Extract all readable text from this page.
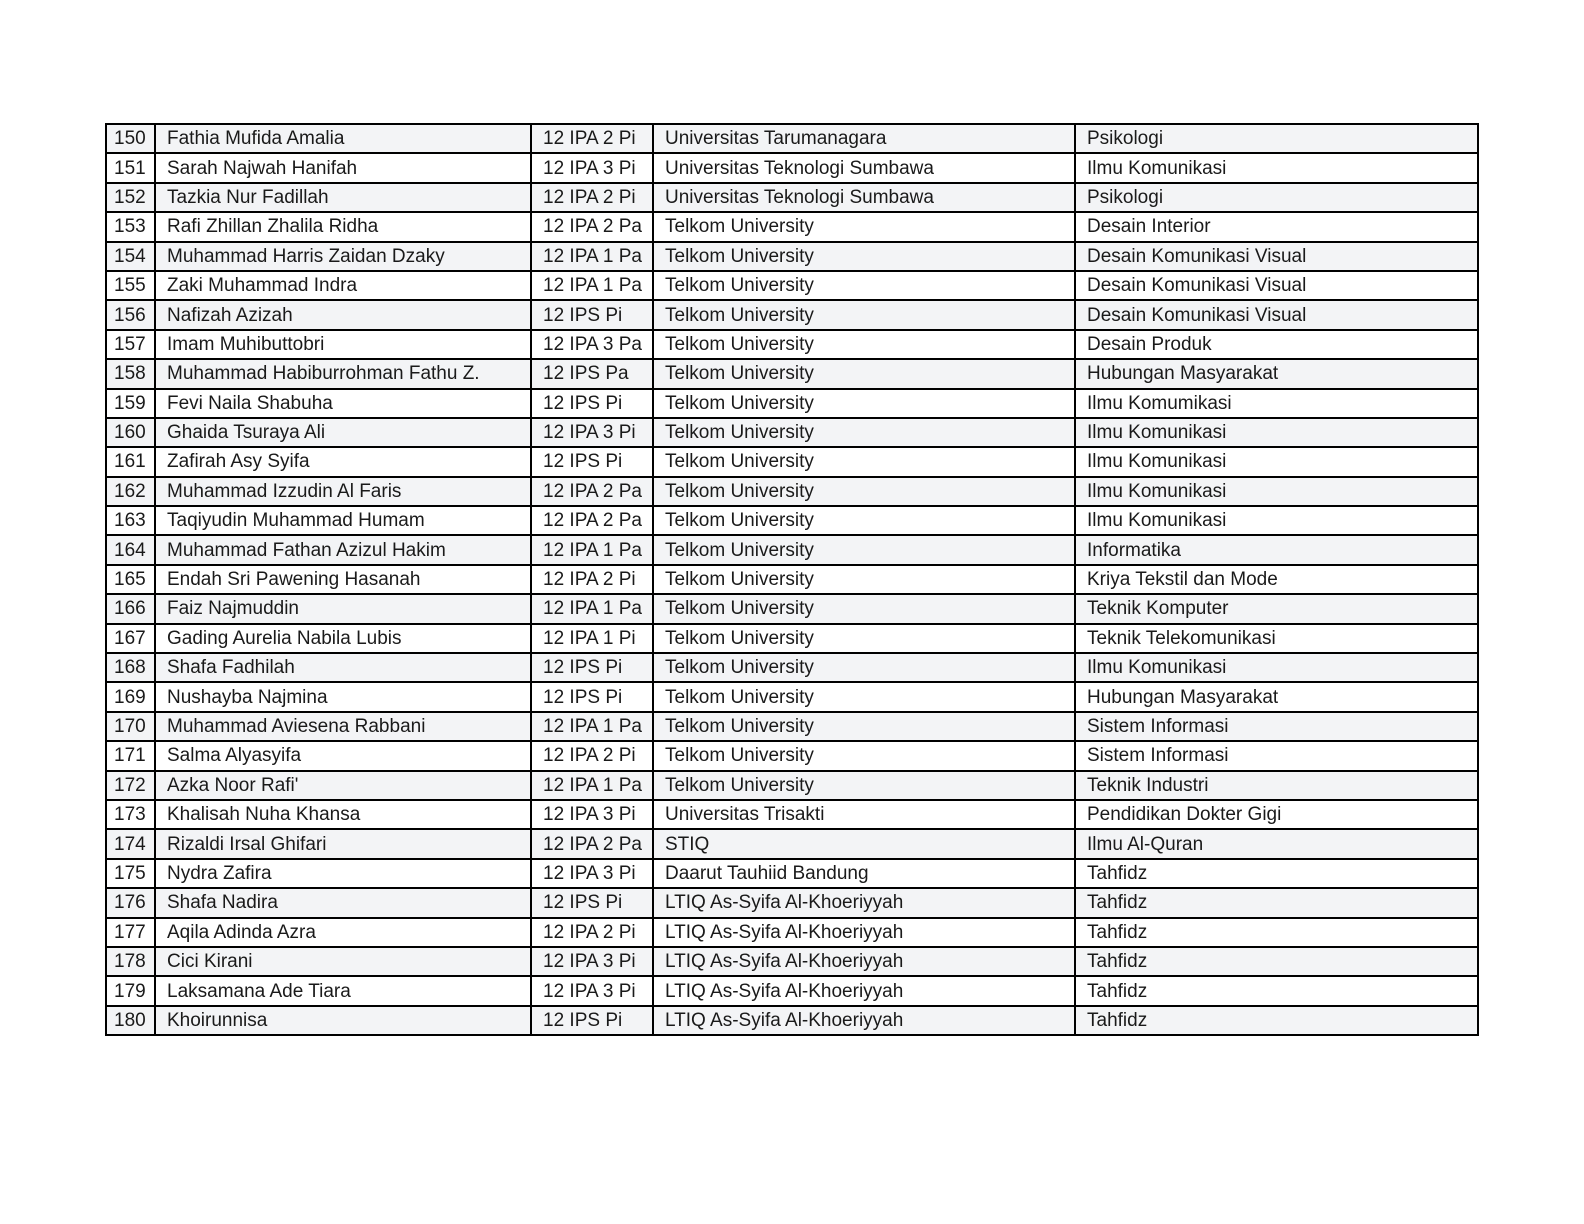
150	Fathia Mufida Amalia	12 IPA 2 Pi	Universitas Tarumanagara	Psikologi
151	Sarah Najwah Hanifah	12 IPA 3 Pi	Universitas Teknologi Sumbawa	Ilmu Komunikasi
152	Tazkia Nur Fadillah	12 IPA 2 Pi	Universitas Teknologi Sumbawa	Psikologi
153	Rafi Zhillan Zhalila Ridha	12 IPA 2 Pa	Telkom University	Desain Interior
154	Muhammad Harris Zaidan Dzaky	12 IPA 1 Pa	Telkom University	Desain Komunikasi Visual
155	Zaki Muhammad Indra	12 IPA 1 Pa	Telkom University	Desain Komunikasi Visual
156	Nafizah Azizah	12 IPS Pi	Telkom University	Desain Komunikasi Visual
157	Imam Muhibuttobri	12 IPA 3 Pa	Telkom University	Desain Produk
158	Muhammad Habiburrohman Fathu Z.	12 IPS Pa	Telkom University	Hubungan Masyarakat
159	Fevi Naila Shabuha	12 IPS Pi	Telkom University	Ilmu Komumikasi
160	Ghaida Tsuraya Ali	12 IPA 3 Pi	Telkom University	Ilmu Komunikasi
161	Zafirah Asy Syifa	12 IPS Pi	Telkom University	Ilmu Komunikasi
162	Muhammad Izzudin Al Faris	12 IPA 2 Pa	Telkom University	Ilmu Komunikasi
163	Taqiyudin Muhammad Humam	12 IPA 2 Pa	Telkom University	Ilmu Komunikasi
164	Muhammad Fathan Azizul Hakim	12 IPA 1 Pa	Telkom University	Informatika
165	Endah Sri Pawening Hasanah	12 IPA 2 Pi	Telkom University	Kriya Tekstil dan Mode
166	Faiz Najmuddin	12 IPA 1 Pa	Telkom University	Teknik Komputer
167	Gading Aurelia Nabila Lubis	12 IPA 1 Pi	Telkom University	Teknik Telekomunikasi
168	Shafa Fadhilah	12 IPS Pi	Telkom University	Ilmu Komunikasi
169	Nushayba Najmina	12 IPS Pi	Telkom University	Hubungan Masyarakat
170	Muhammad Aviesena Rabbani	12 IPA 1 Pa	Telkom University	Sistem Informasi
171	Salma Alyasyifa	12 IPA 2 Pi	Telkom University	Sistem Informasi
172	Azka Noor Rafi'	12 IPA 1 Pa	Telkom University	Teknik Industri
173	Khalisah Nuha Khansa	12 IPA 3 Pi	Universitas Trisakti	Pendidikan Dokter Gigi
174	Rizaldi Irsal Ghifari	12 IPA 2 Pa	STIQ	Ilmu Al-Quran
175	Nydra Zafira	12 IPA 3 Pi	Daarut Tauhiid Bandung	Tahfidz
176	Shafa Nadira	12 IPS Pi	LTIQ As-Syifa Al-Khoeriyyah	Tahfidz
177	Aqila Adinda Azra	12 IPA 2 Pi	LTIQ As-Syifa Al-Khoeriyyah	Tahfidz
178	Cici Kirani	12 IPA 3 Pi	LTIQ As-Syifa Al-Khoeriyyah	Tahfidz
179	Laksamana Ade Tiara	12 IPA 3 Pi	LTIQ As-Syifa Al-Khoeriyyah	Tahfidz
180	Khoirunnisa	12 IPS Pi	LTIQ As-Syifa Al-Khoeriyyah	Tahfidz
